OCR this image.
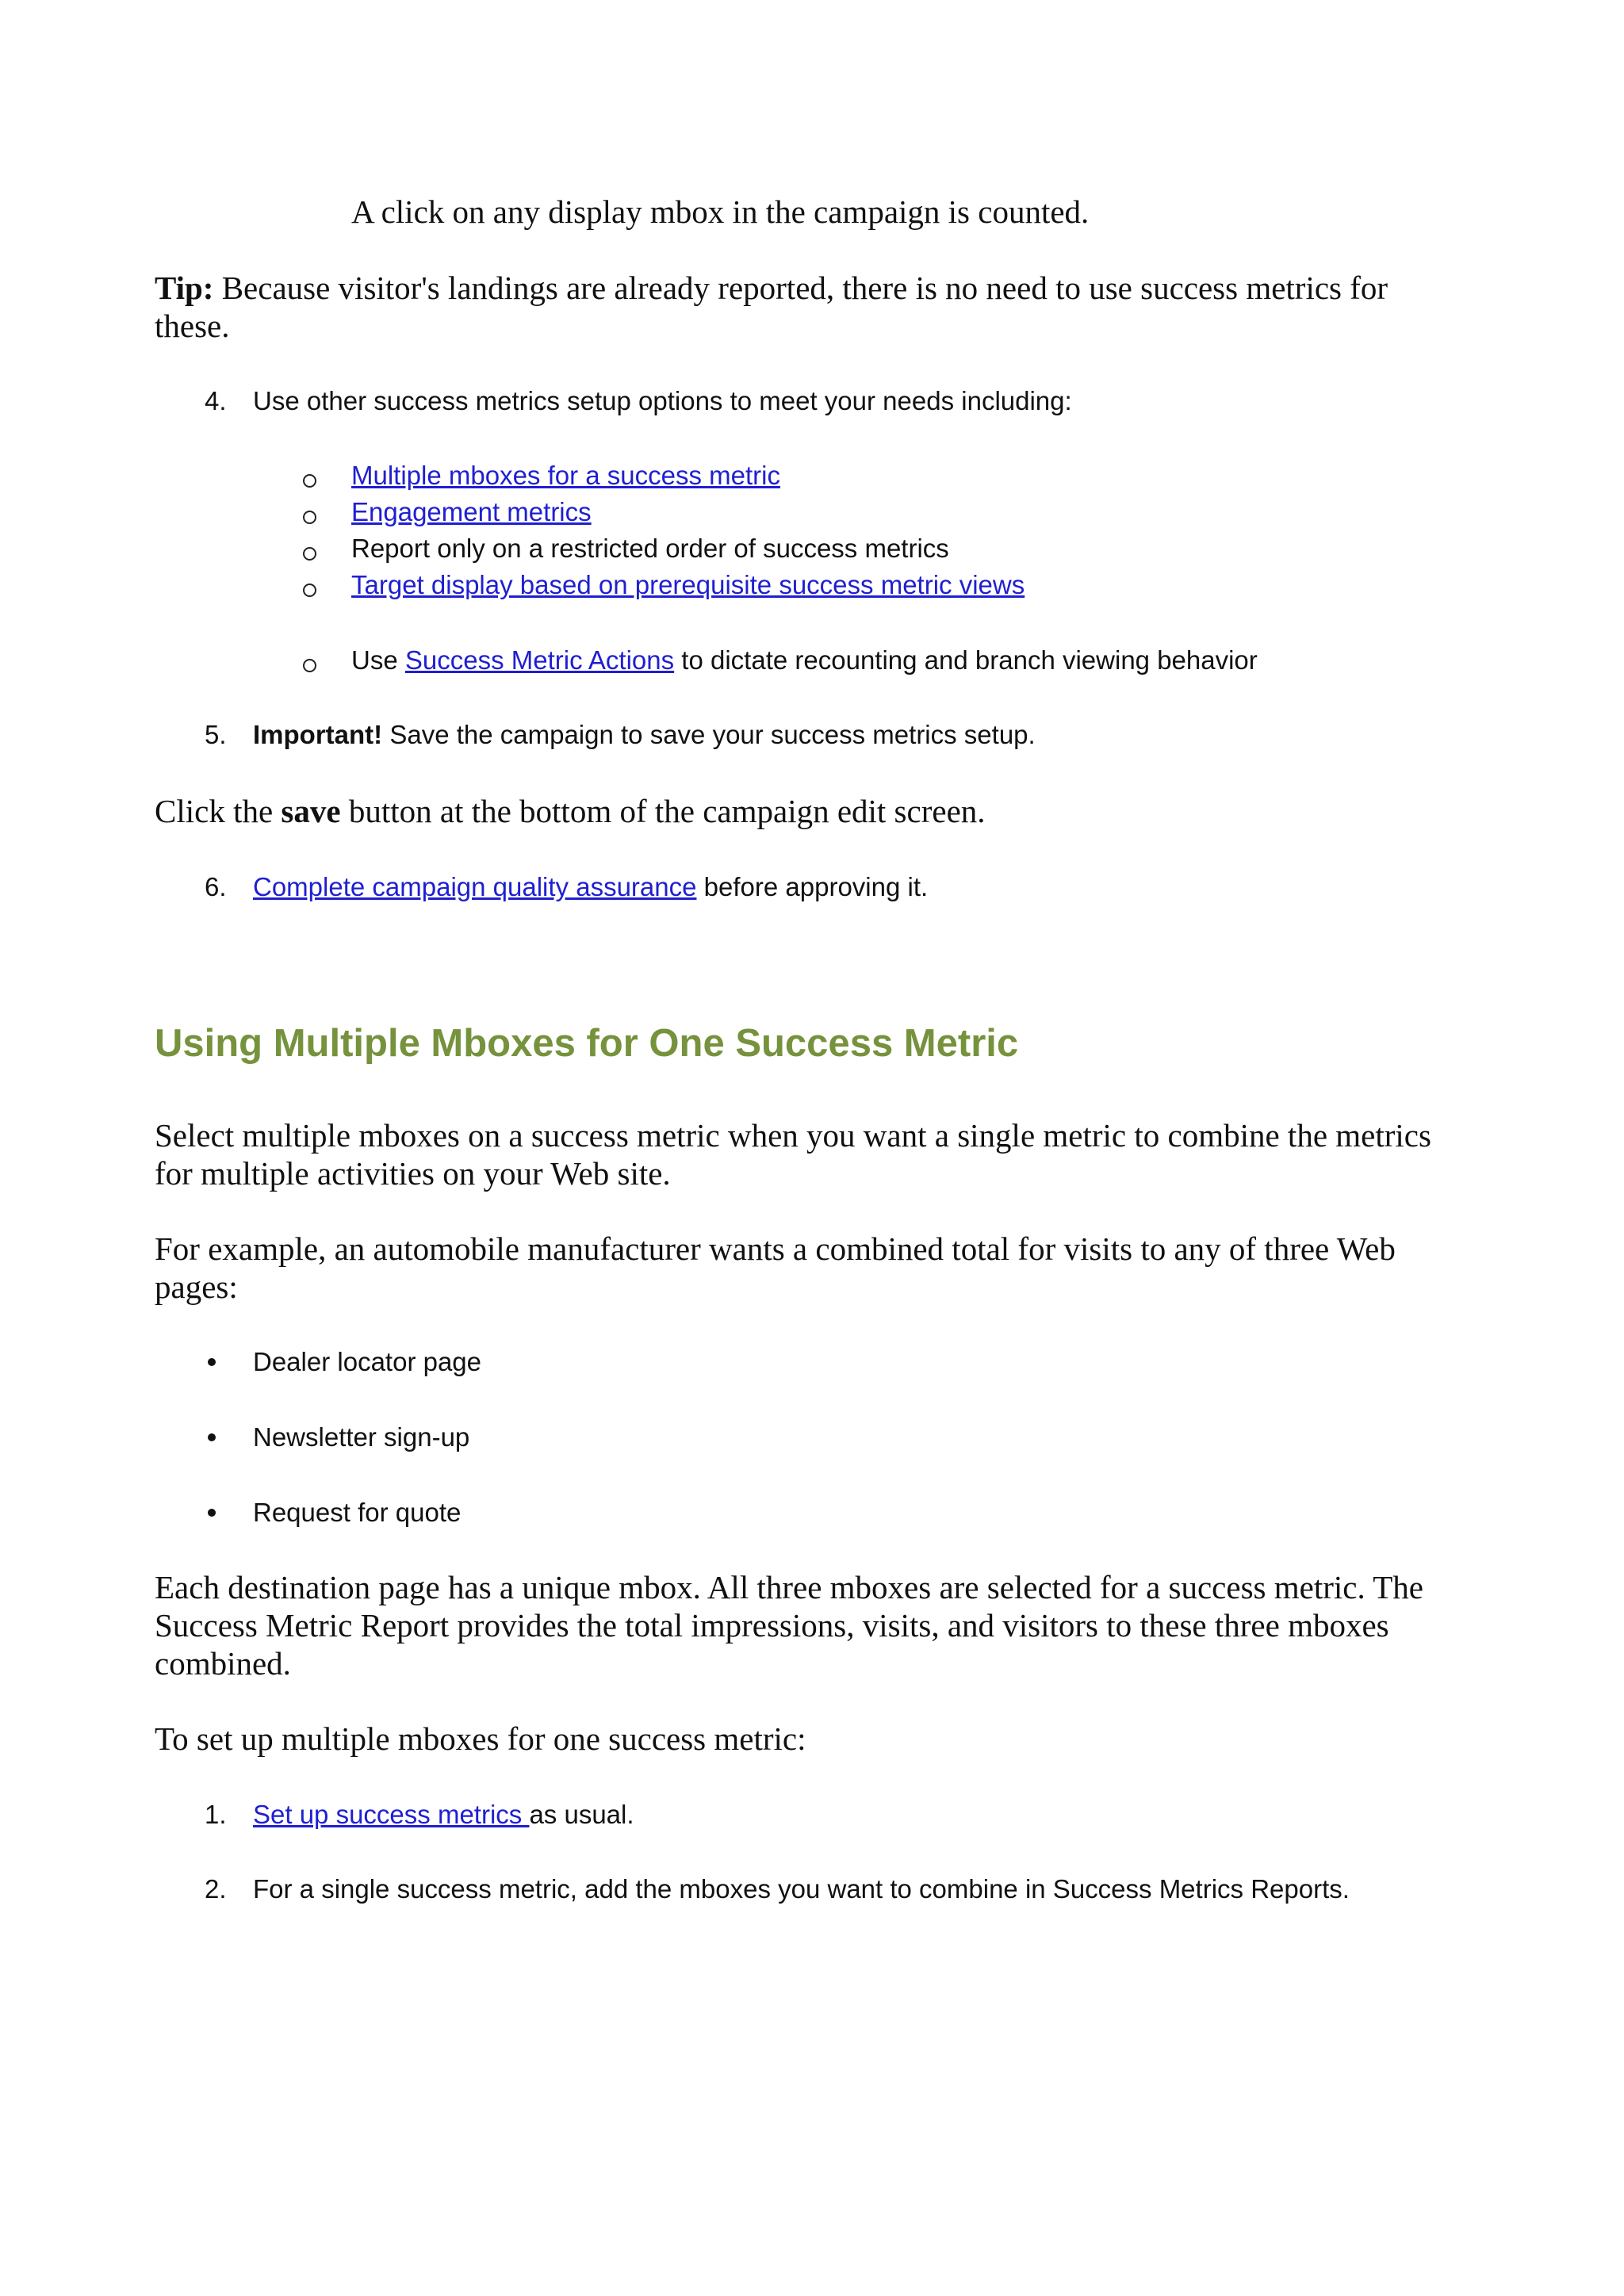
A click on any display mbox in the campaign is counted.

Tip: Because visitor's landings are already reported, there is no need to use success metrics for

these.

4. Use other success metrics setup options to meet your needs including:

Multiple mboxes for a success metric
Engagement metrics

Report only on a restricted order of success metrics

Target display based on prerequisite success metric views

Use Success Metric Actions to dictate recounting and branch viewing behavior

5. Important! Save the campaign to save your success metrics setup.

Click the save button at the bottom of the campaign edit screen.

6. Complete campaign quality assurance before approving it.

Using Multiple Mboxes for One Success Metric

Select multiple mboxes on a success metric when you want a single metric to combine the metrics

for multiple activities on your Web site.

For example, an automobile manufacturer wants a combined total for visits to any of three Web

pages:

Dealer locator page

Newsletter sign-up

Request for quote

Each destination page has a unique mbox. All three mboxes are selected for a success metric. The

Success Metric Report provides the total impressions, visits, and visitors to these three mboxes

combined.

To set up multiple mboxes for one success metric:

1. Set up success metrics as usual.

2. For a single success metric, add the mboxes you want to combine in Success Metrics Reports.
